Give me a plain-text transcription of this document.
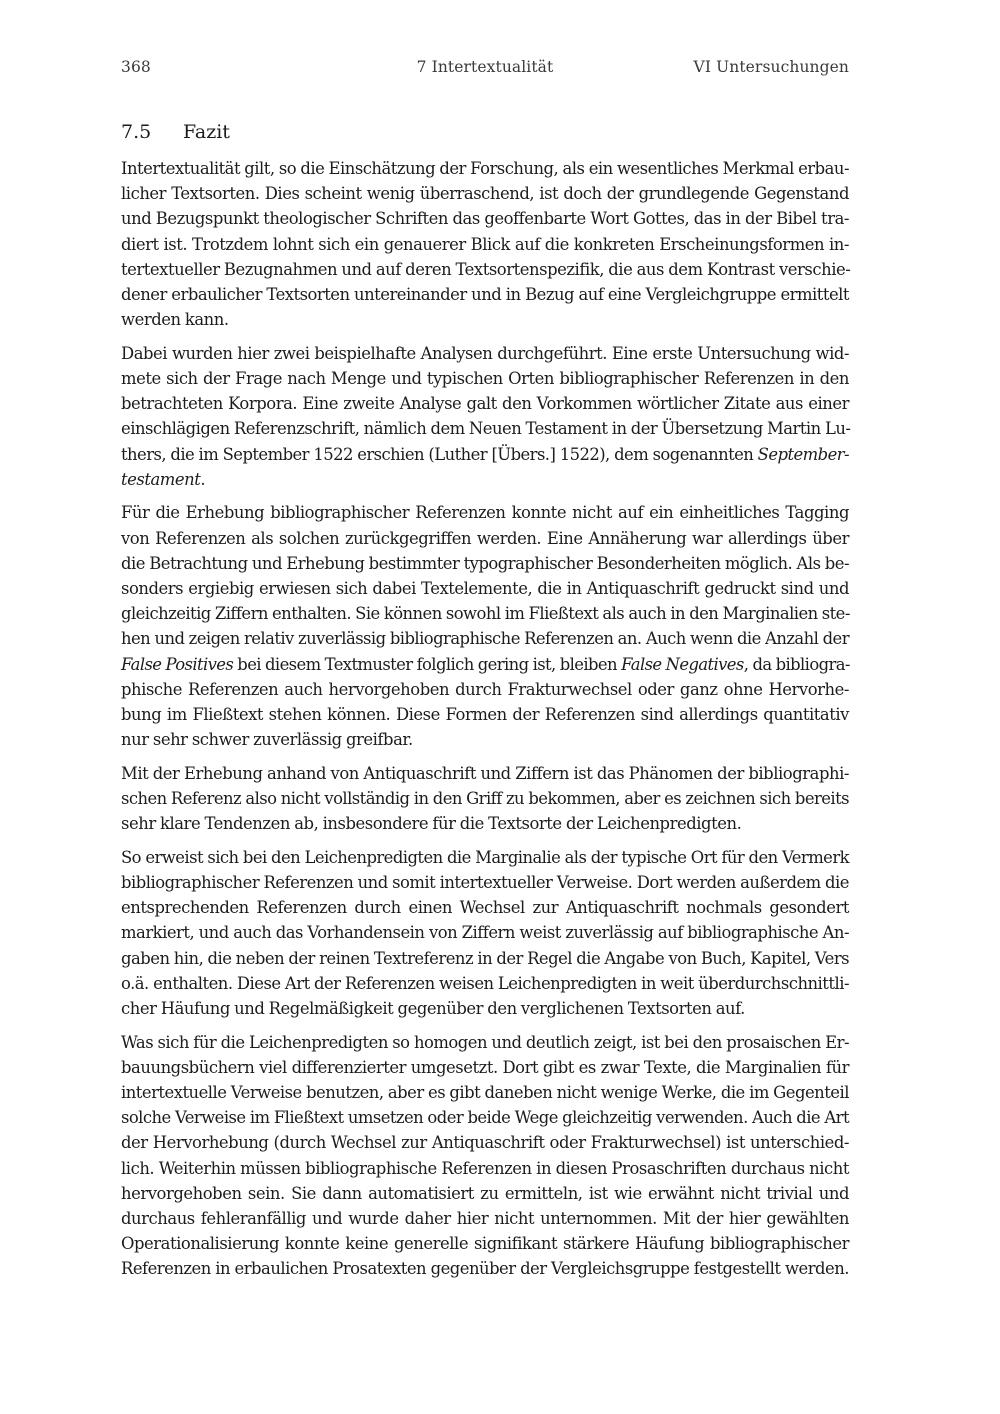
368	7 Intertextualität	VI Untersuchungen
7.5 Fazit
Intertextualität gilt, so die Einschätzung der Forschung, als ein wesentliches Merkmal erbau-
licher Textsorten. Dies scheint wenig überraschend, ist doch der grundlegende Gegenstand
und Bezugspunkt theologischer Schriften das geoffenbarte Wort Gottes, das in der Bibel tra-
diert ist. Trotzdem lohnt sich ein genauerer Blick auf die konkreten Erscheinungsformen in-
tertextueller Bezugnahmen und auf deren Textsortenspezifik, die aus dem Kontrast verschie-
dener erbaulicher Textsorten untereinander und in Bezug auf eine Vergleichgruppe ermittelt
werden kann.
Dabei wurden hier zwei beispielhafte Analysen durchgeführt. Eine erste Untersuchung wid-
mete sich der Frage nach Menge und typischen Orten bibliographischer Referenzen in den
betrachteten Korpora. Eine zweite Analyse galt den Vorkommen wörtlicher Zitate aus einer
einschlägigen Referenzschrift, nämlich dem Neuen Testament in der Übersetzung Martin Lu-
thers, die im September 1522 erschien (Luther [Übers.] 1522), dem sogenannten September-
testament.
Für die Erhebung bibliographischer Referenzen konnte nicht auf ein einheitliches Tagging
von Referenzen als solchen zurückgegriffen werden. Eine Annäherung war allerdings über
die Betrachtung und Erhebung bestimmter typographischer Besonderheiten möglich. Als be-
sonders ergiebig erwiesen sich dabei Textelemente, die in Antiquaschrift gedruckt sind und
gleichzeitig Ziffern enthalten. Sie können sowohl im Fließtext als auch in den Marginalien ste-
hen und zeigen relativ zuverlässig bibliographische Referenzen an. Auch wenn die Anzahl der
False Positives bei diesem Textmuster folglich gering ist, bleiben False Negatives, da bibliogra-
phische Referenzen auch hervorgehoben durch Frakturwechsel oder ganz ohne Hervorhe-
bung im Fließtext stehen können. Diese Formen der Referenzen sind allerdings quantitativ
nur sehr schwer zuverlässig greifbar.
Mit der Erhebung anhand von Antiquaschrift und Ziffern ist das Phänomen der bibliographi-
schen Referenz also nicht vollständig in den Griff zu bekommen, aber es zeichnen sich bereits
sehr klare Tendenzen ab, insbesondere für die Textsorte der Leichenpredigten.
So erweist sich bei den Leichenpredigten die Marginalie als der typische Ort für den Vermerk
bibliographischer Referenzen und somit intertextueller Verweise. Dort werden außerdem die
entsprechenden Referenzen durch einen Wechsel zur Antiquaschrift nochmals gesondert
markiert, und auch das Vorhandensein von Ziffern weist zuverlässig auf bibliographische An-
gaben hin, die neben der reinen Textreferenz in der Regel die Angabe von Buch, Kapitel, Vers
o.ä. enthalten. Diese Art der Referenzen weisen Leichenpredigten in weit überdurchschnittli-
cher Häufung und Regelmäßigkeit gegenüber den verglichenen Textsorten auf.
Was sich für die Leichenpredigten so homogen und deutlich zeigt, ist bei den prosaischen Er-
bauungsbüchern viel differenzierter umgesetzt. Dort gibt es zwar Texte, die Marginalien für
intertextuelle Verweise benutzen, aber es gibt daneben nicht wenige Werke, die im Gegenteil
solche Verweise im Fließtext umsetzen oder beide Wege gleichzeitig verwenden. Auch die Art
der Hervorhebung (durch Wechsel zur Antiquaschrift oder Frakturwechsel) ist unterschied-
lich. Weiterhin müssen bibliographische Referenzen in diesen Prosaschriften durchaus nicht
hervorgehoben sein. Sie dann automatisiert zu ermitteln, ist wie erwähnt nicht trivial und
durchaus fehleranfällig und wurde daher hier nicht unternommen. Mit der hier gewählten
Operationalisierung konnte keine generelle signifikant stärkere Häufung bibliographischer
Referenzen in erbaulichen Prosatexten gegenüber der Vergleichsgruppe festgestellt werden.
